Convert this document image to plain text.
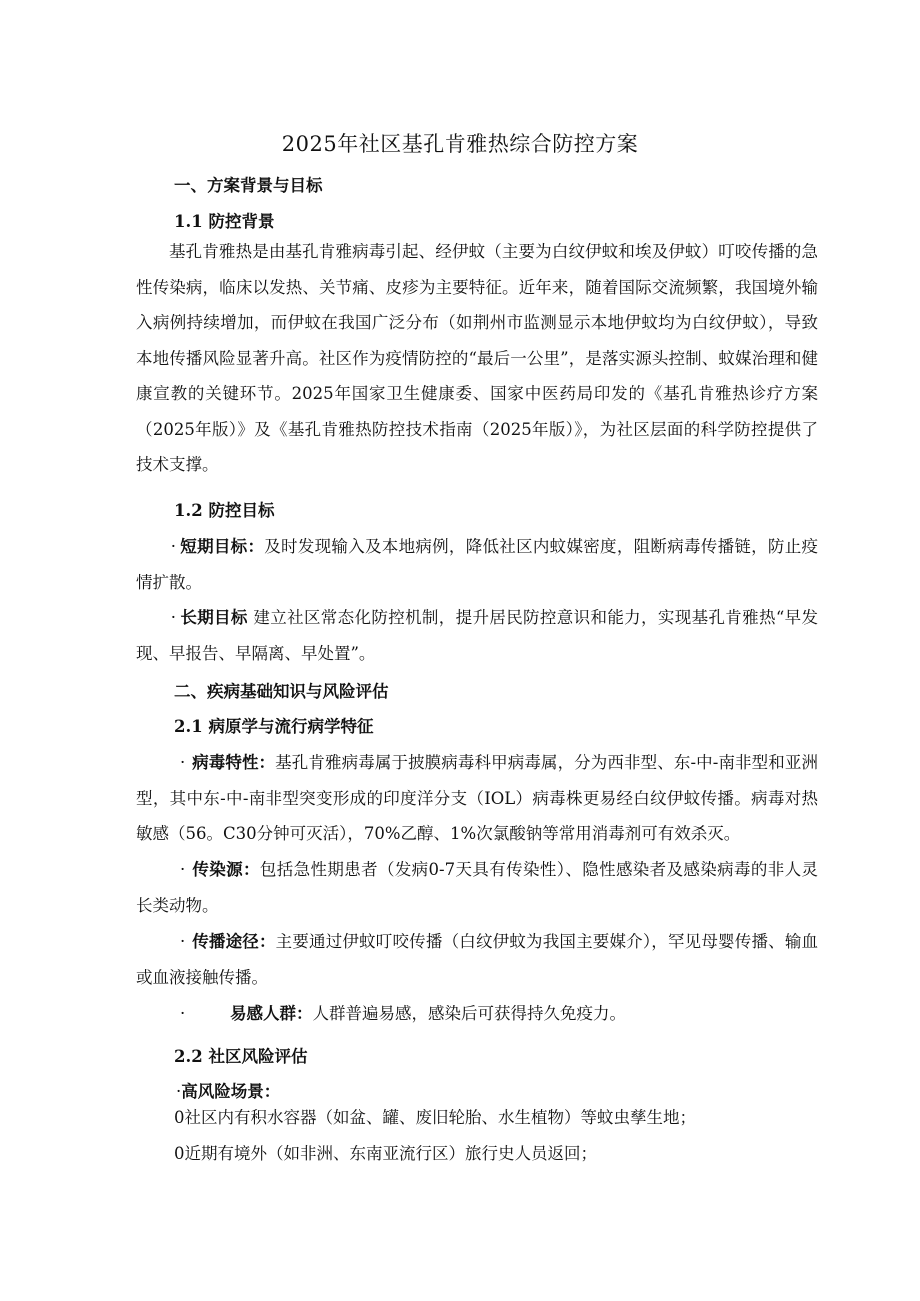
2025年社区基孔肯雅热综合防控方案
一、方案背景与目标
1.1 防控背景
基孔肯雅热是由基孔肯雅病毒引起、经伊蚊（主要为白纹伊蚊和埃及伊蚊）叮咬传播的急性传染病，临床以发热、关节痛、皮疹为主要特征。近年来，随着国际交流频繁，我国境外输入病例持续增加，而伊蚊在我国广泛分布（如荆州市监测显示本地伊蚊均为白纹伊蚊），导致本地传播风险显著升高。社区作为疫情防控的“最后一公里”，是落实源头控制、蚊媒治理和健康宣教的关键环节。2025年国家卫生健康委、国家中医药局印发的《基孔肯雅热诊疗方案（2025年版）》及《基孔肯雅热防控技术指南（2025年版）》，为社区层面的科学防控提供了技术支撑。
1.2 防控目标
· 短期目标：及时发现输入及本地病例，降低社区内蚊媒密度，阻断病毒传播链，防止疫情扩散。
· 长期目标 建立社区常态化防控机制，提升居民防控意识和能力，实现基孔肯雅热“早发现、早报告、早隔离、早处置”。
二、疾病基础知识与风险评估
2.1 病原学与流行病学特征
· 病毒特性：基孔肯雅病毒属于披膜病毒科甲病毒属，分为西非型、东-中-南非型和亚洲型，其中东-中-南非型突变形成的印度洋分支（IOL）病毒株更易经白纹伊蚊传播。病毒对热敏感（56。C30分钟可灭活），70%乙醇、1%次氯酸钠等常用消毒剂可有效杀灭。
· 传染源：包括急性期患者（发病0-7天具有传染性）、隐性感染者及感染病毒的非人灵长类动物。
· 传播途径：主要通过伊蚊叮咬传播（白纹伊蚊为我国主要媒介），罕见母婴传播、输血或血液接触传播。
·	易感人群：人群普遍易感，感染后可获得持久免疫力。
2.2 社区风险评估
·高风险场景：
0社区内有积水容器（如盆、罐、废旧轮胎、水生植物）等蚊虫孳生地；
0近期有境外（如非洲、东南亚流行区）旅行史人员返回；
